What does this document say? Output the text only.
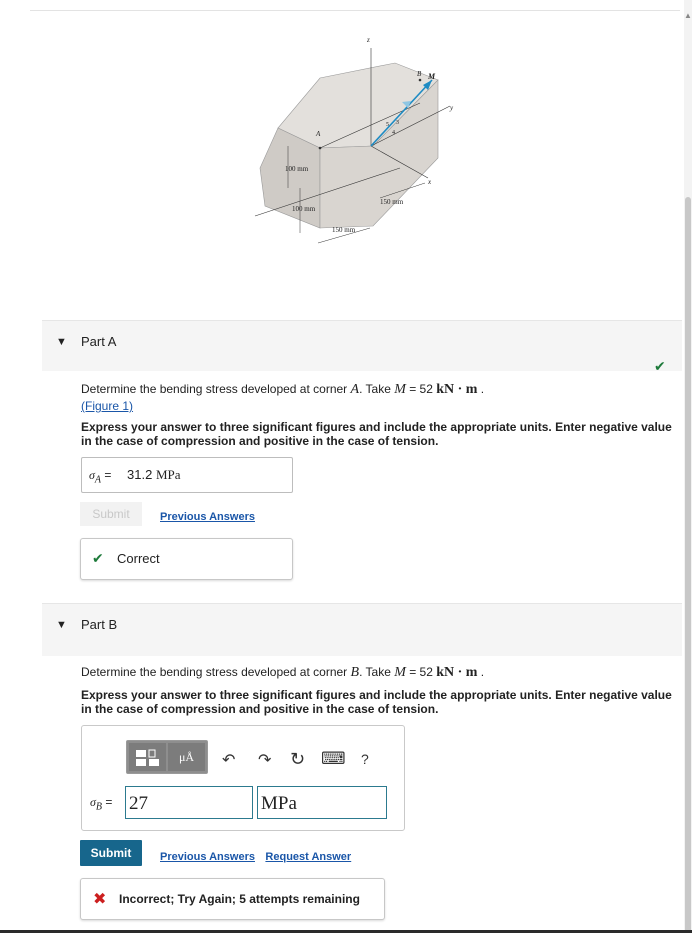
▲
z
y
x
B M
A
5 3
4
100 mm
100 mm
150 mm
150 mm
▼ Part A
✔
Determine the bending stress developed at corner A. Take M = 52 kN · m .
(Figure 1)
Express your answer to three significant figures and include the appropriate units. Enter negative value in the case of compression and positive in the case of tension.
$\sigma_A = 31.2$ MPa
Submit	Previous Answers
✔ Correct
▼ Part B
Determine the bending stress developed at corner B. Take M = 52 kN · m .
Express your answer to three significant figures and include the appropriate units. Enter negative value in the case of compression and positive in the case of tension.
μÅ	↶ ↷ ↻ ⌨ ?
$\sigma_B = 27$	MPa
Submit	Previous Answers Request Answer
✖ Incorrect; Try Again; 5 attempts remaining
